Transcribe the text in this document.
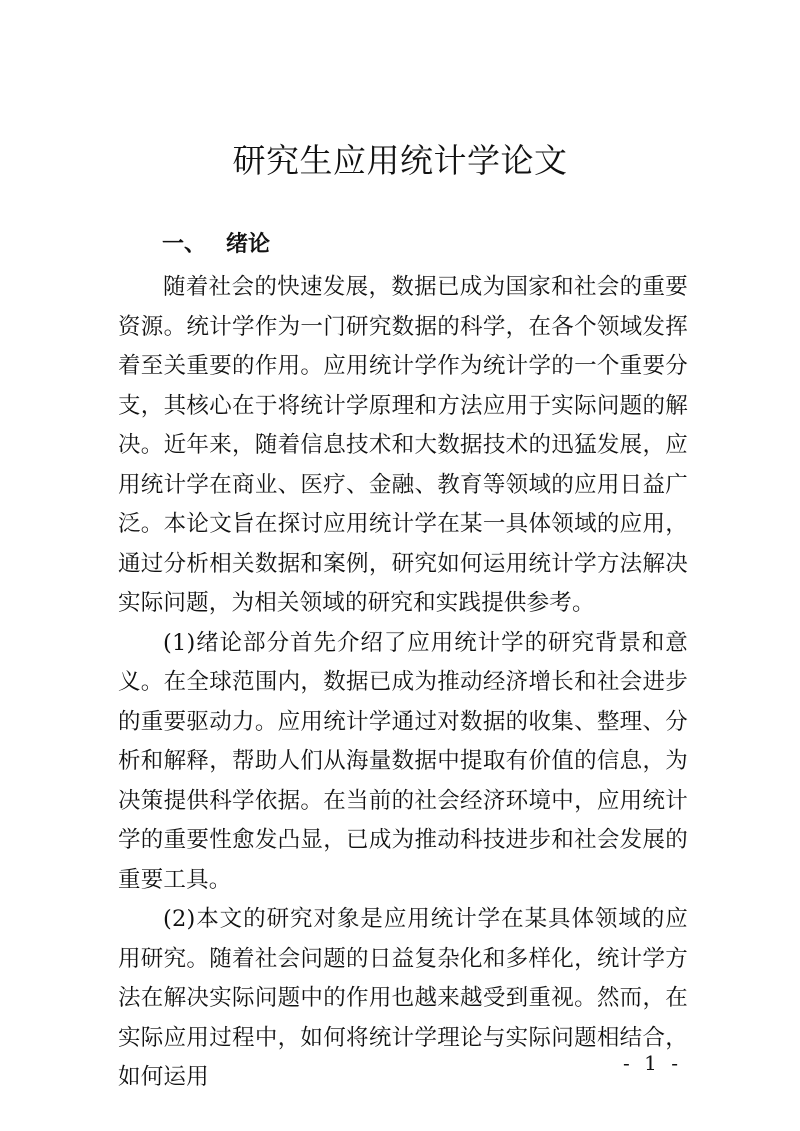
研究生应用统计学论文
一、 绪论

随着社会的快速发展，数据已成为国家和社会的重要资源。统计学作为一门研究数据的科学，在各个领域发挥着至关重要的作用。应用统计学作为统计学的一个重要分支，其核心在于将统计学原理和方法应用于实际问题的解决。近年来，随着信息技术和大数据技术的迅猛发展，应用统计学在商业、医疗、金融、教育等领域的应用日益广泛。本论文旨在探讨应用统计学在某一具体领域的应用，通过分析相关数据和案例，研究如何运用统计学方法解决实际问题，为相关领域的研究和实践提供参考。

(1)绪论部分首先介绍了应用统计学的研究背景和意义。在全球范围内，数据已成为推动经济增长和社会进步的重要驱动力。应用统计学通过对数据的收集、整理、分析和解释，帮助人们从海量数据中提取有价值的信息，为决策提供科学依据。在当前的社会经济环境中，应用统计学的重要性愈发凸显，已成为推动科技进步和社会发展的重要工具。

(2)本文的研究对象是应用统计学在某具体领域的应用研究。随着社会问题的日益复杂化和多样化，统计学方法在解决实际问题中的作用也越来越受到重视。然而，在实际应用过程中，如何将统计学理论与实际问题相结合，如何运用

- 1 -
